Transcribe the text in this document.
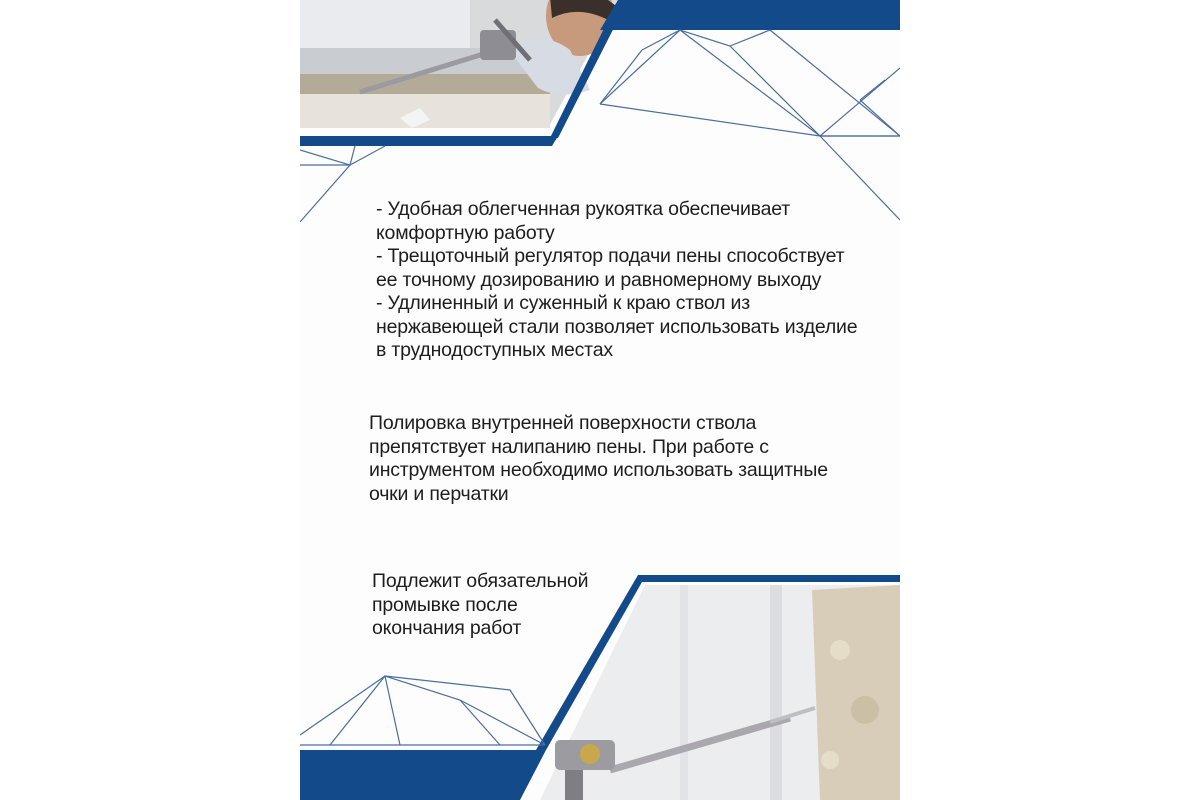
- Удобная облегченная рукоятка обеспечивает
комфортную работу
- Трещоточный регулятор подачи пены способствует
ее точному дозированию и равномерному выходу
- Удлиненный и суженный к краю ствол из
нержавеющей стали позволяет использовать изделие
в труднодоступных местах
Полировка внутренней поверхности ствола
препятствует налипанию пены. При работе с
инструментом необходимо использовать защитные
очки и перчатки
Подлежит обязательной
промывке после
окончания работ
